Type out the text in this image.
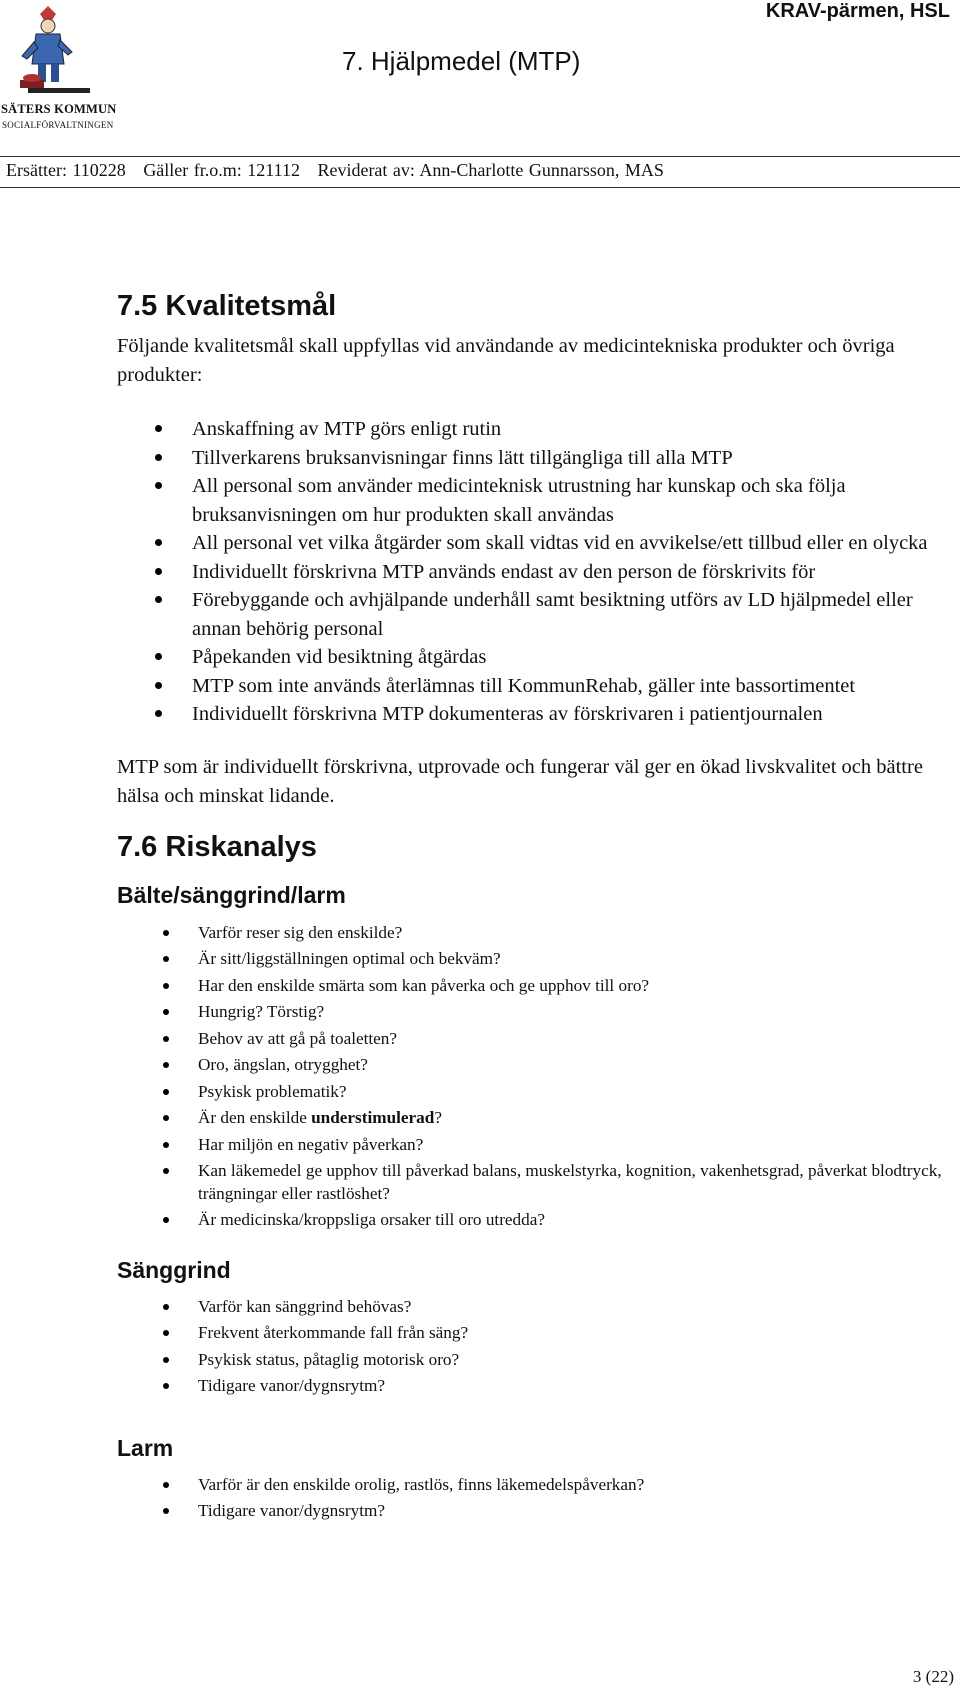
SÄTERS KOMMUN
SOCIALFÖRVALTNINGEN
KRAV-pärmen, HSL
7. Hjälpmedel (MTP)
Ersätter: 110228 Gäller fr.o.m: 121112 Reviderat av: Ann-Charlotte Gunnarsson, MAS
7.5 Kvalitetsmål

Följande kvalitetsmål skall uppfyllas vid användande av medicintekniska produkter och övriga produkter:

Anskaffning av MTP görs enligt rutin
Tillverkarens bruksanvisningar finns lätt tillgängliga till alla MTP
All personal som använder medicinteknisk utrustning har kunskap och ska följa bruksanvisningen om hur produkten skall användas
All personal vet vilka åtgärder som skall vidtas vid en avvikelse/ett tillbud eller en olycka
Individuellt förskrivna MTP används endast av den person de förskrivits för
Förebyggande och avhjälpande underhåll samt besiktning utförs av LD hjälpmedel eller annan behörig personal
Påpekanden vid besiktning åtgärdas
MTP som inte används återlämnas till KommunRehab, gäller inte bassortimentet
Individuellt förskrivna MTP dokumenteras av förskrivaren i patientjournalen

MTP som är individuellt förskrivna, utprovade och fungerar väl ger en ökad livskvalitet och bättre hälsa och minskat lidande.

7.6 Riskanalys
Bälte/sänggrind/larm
Varför reser sig den enskilde?
Är sitt/liggställningen optimal och bekväm?
Har den enskilde smärta som kan påverka och ge upphov till oro?
Hungrig? Törstig?
Behov av att gå på toaletten?
Oro, ängslan, otrygghet?
Psykisk problematik?
Är den enskilde understimulerad?
Har miljön en negativ påverkan?
Kan läkemedel ge upphov till påverkad balans, muskelstyrka, kognition, vakenhetsgrad, påverkat blodtryck, trängningar eller rastlöshet?
Är medicinska/kroppsliga orsaker till oro utredda?
Sänggrind
Varför kan sänggrind behövas?
Frekvent återkommande fall från säng?
Psykisk status, påtaglig motorisk oro?
Tidigare vanor/dygnsrytm?
Larm
Varför är den enskilde orolig, rastlös, finns läkemedelspåverkan?
Tidigare vanor/dygnsrytm?
3 (22)
